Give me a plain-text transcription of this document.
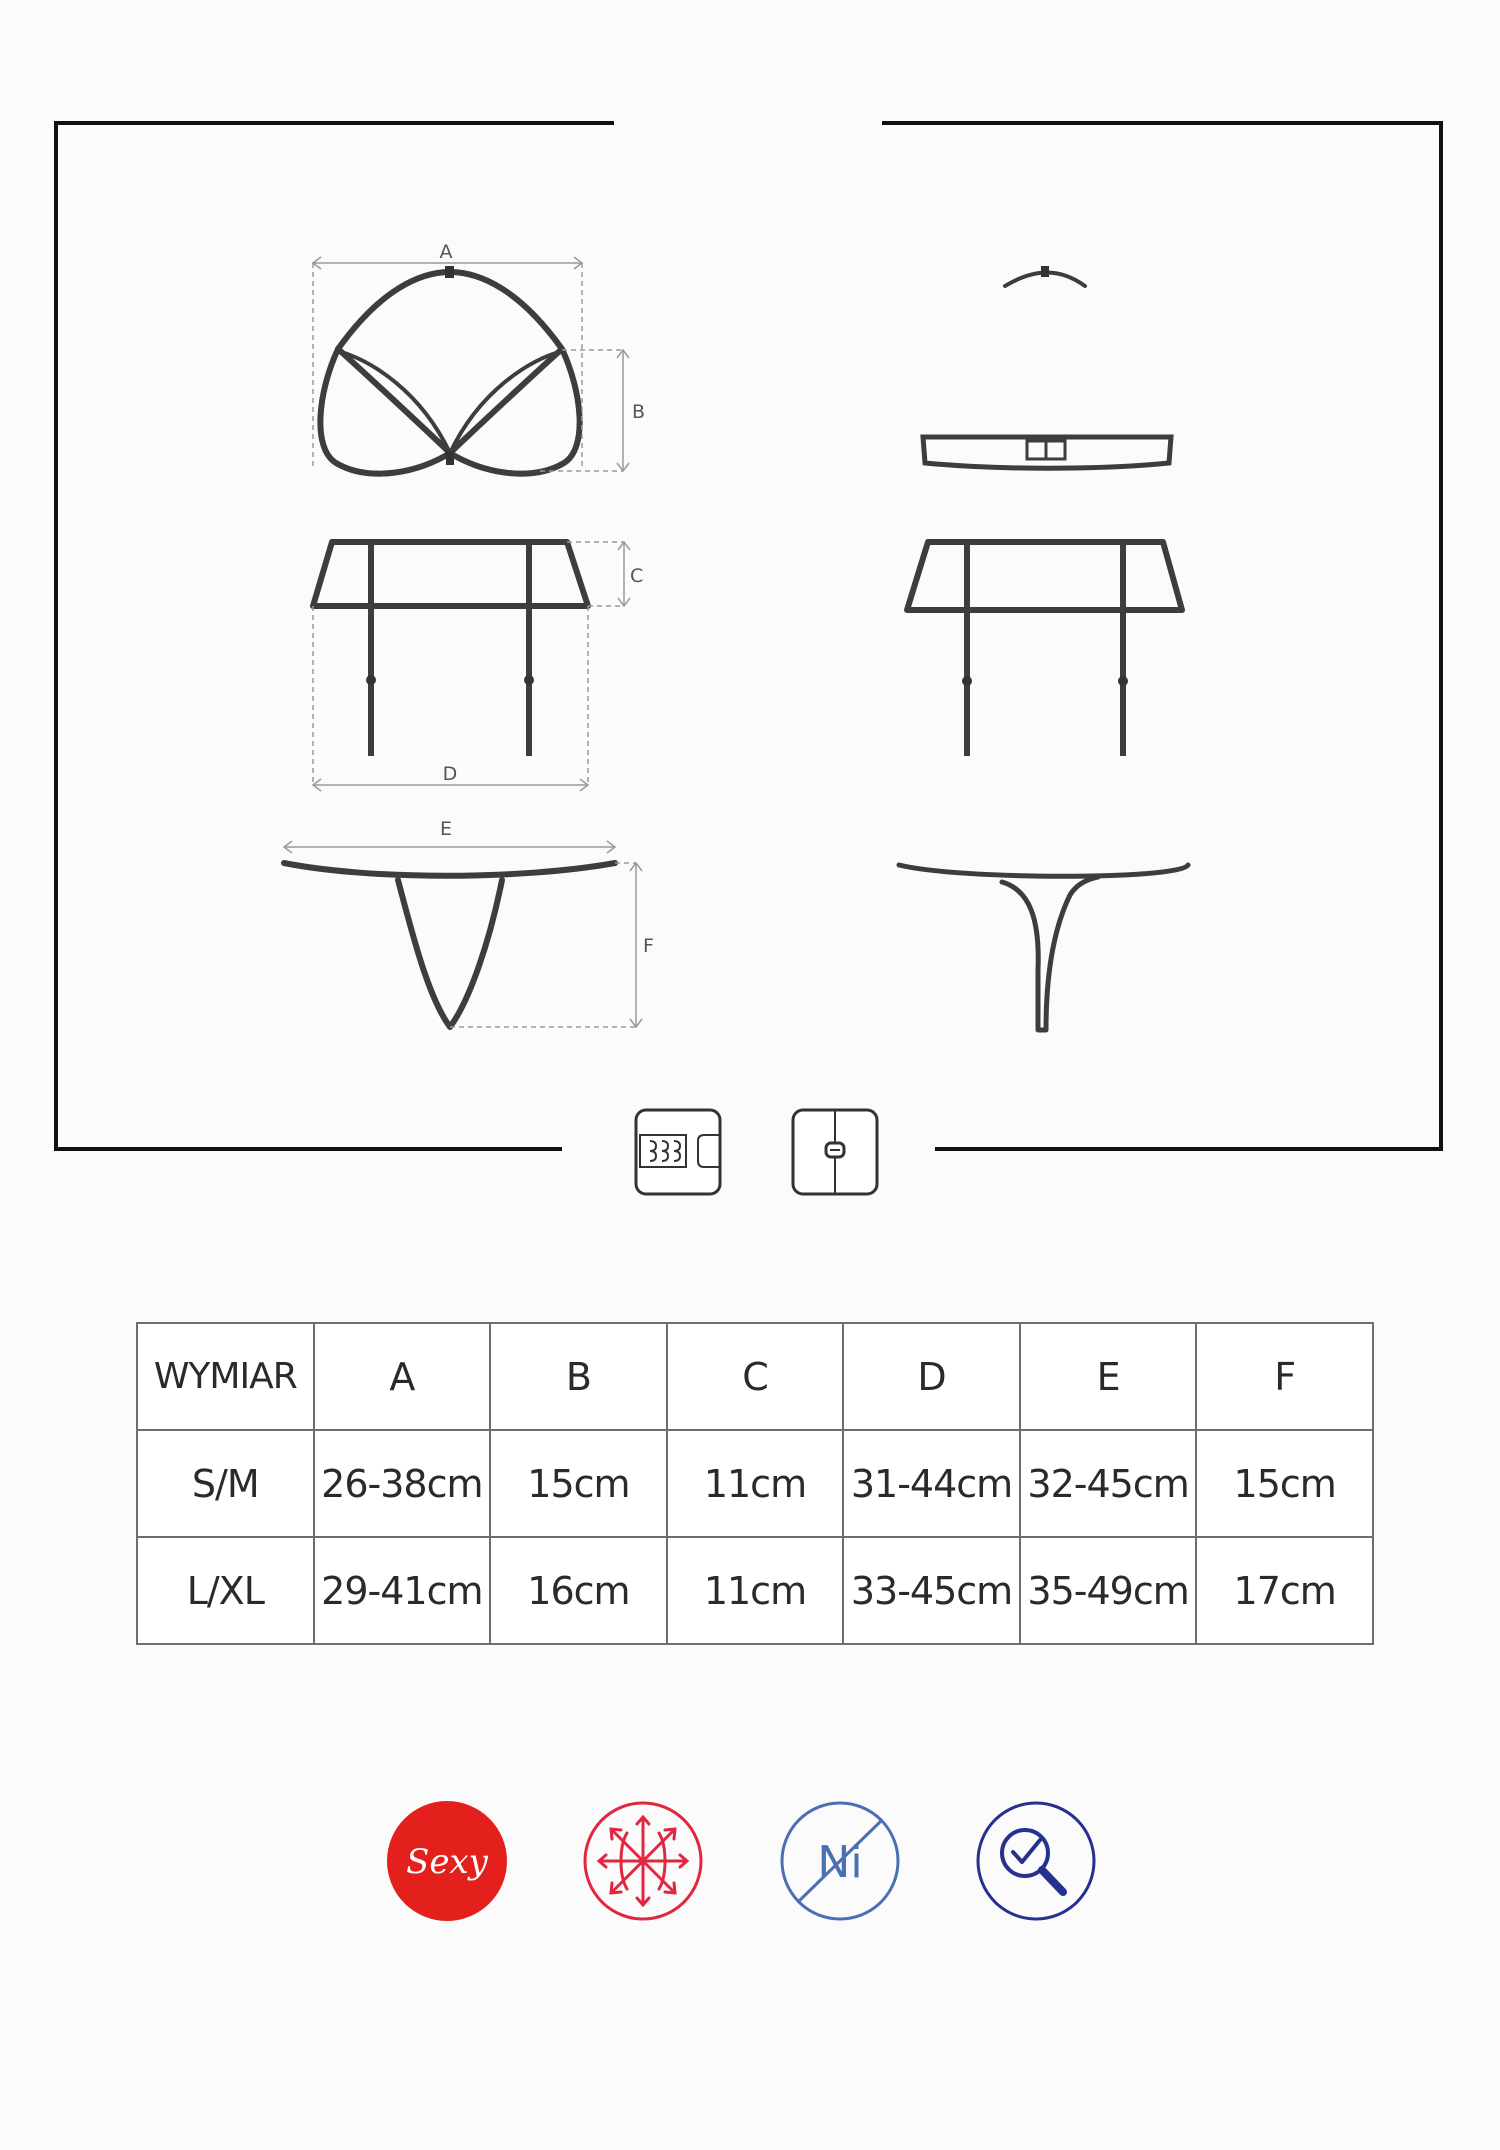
A
B
C
D
E
F
WYMIAR	A	B	C	D	E	F
S/M	26-38cm	15cm	11cm	31-44cm	32-45cm	15cm
L/XL	29-41cm	16cm	11cm	33-45cm	35-49cm	17cm
Sexy	Ni
